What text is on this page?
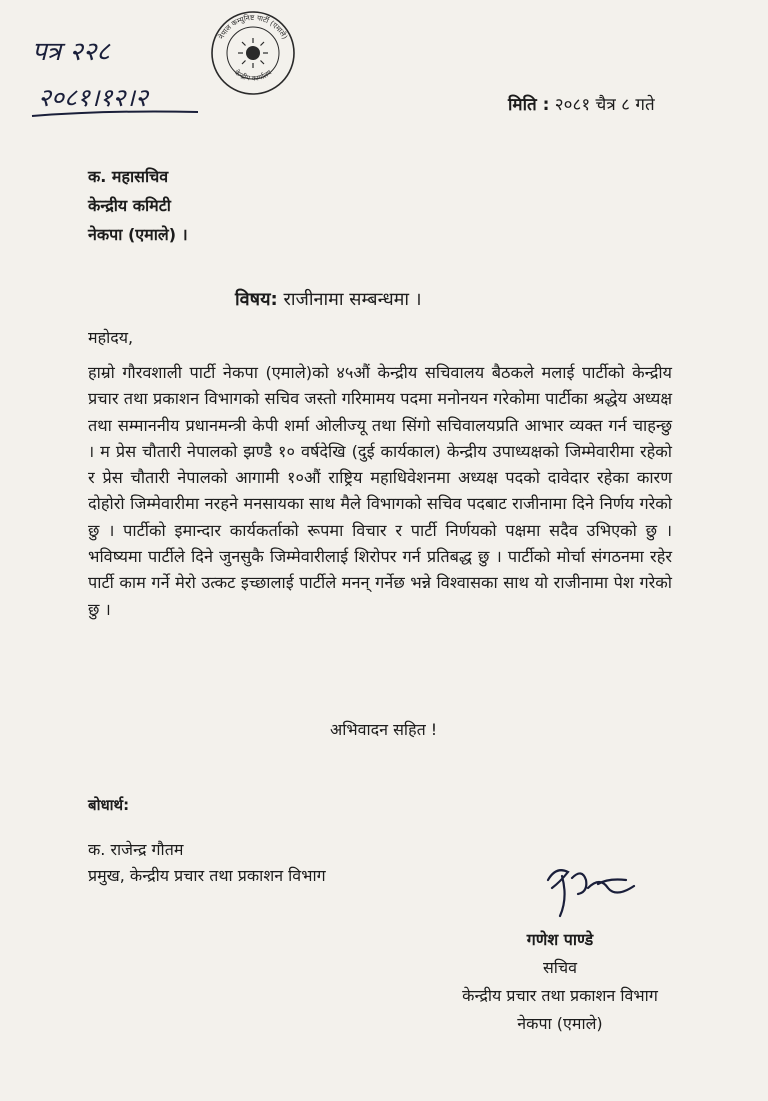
पत्र २२८
२०८१।१२।२
नेपाल कम्युनिष्ट पार्टी (एमाले)
केन्द्रीय कार्यालय
मिति : २०८१ चैत्र ८ गते
क. महासचिव
केन्द्रीय कमिटी
नेकपा (एमाले) ।
विषय: राजीनामा सम्बन्धमा ।
महोदय,

हाम्रो गौरवशाली पार्टी नेकपा (एमाले)को ४५औं केन्द्रीय सचिवालय बैठकले मलाई पार्टीको केन्द्रीय प्रचार तथा प्रकाशन विभागको सचिव जस्तो गरिमामय पदमा मनोनयन गरेकोमा पार्टीका श्रद्धेय अध्यक्ष तथा सम्माननीय प्रधानमन्त्री केपी शर्मा ओलीज्यू तथा सिंगो सचिवालयप्रति आभार व्यक्त गर्न चाहन्छु । म प्रेस चौतारी नेपालको झण्डै १० वर्षदेखि (दुई कार्यकाल) केन्द्रीय उपाध्यक्षको जिम्मेवारीमा रहेको र प्रेस चौतारी नेपालको आगामी १०औं राष्ट्रिय महाधिवेशनमा अध्यक्ष पदको दावेदार रहेका कारण दोहोरो जिम्मेवारीमा नरहने मनसायका साथ मैले विभागको सचिव पदबाट राजीनामा दिने निर्णय गरेको छु । पार्टीको इमान्दार कार्यकर्ताको रूपमा विचार र पार्टी निर्णयको पक्षमा सदैव उभिएको छु । भविष्यमा पार्टीले दिने जुनसुकै जिम्मेवारीलाई शिरोपर गर्न प्रतिबद्ध छु । पार्टीको मोर्चा संगठनमा रहेर पार्टी काम गर्ने मेरो उत्कट इच्छालाई पार्टीले मनन् गर्नेछ भन्ने विश्वासका साथ यो राजीनामा पेश गरेको छु ।

अभिवादन सहित !
बोधार्थ:
क. राजेन्द्र गौतम
प्रमुख, केन्द्रीय प्रचार तथा प्रकाशन विभाग
गणेश पाण्डे
सचिव
केन्द्रीय प्रचार तथा प्रकाशन विभाग
नेकपा (एमाले)
